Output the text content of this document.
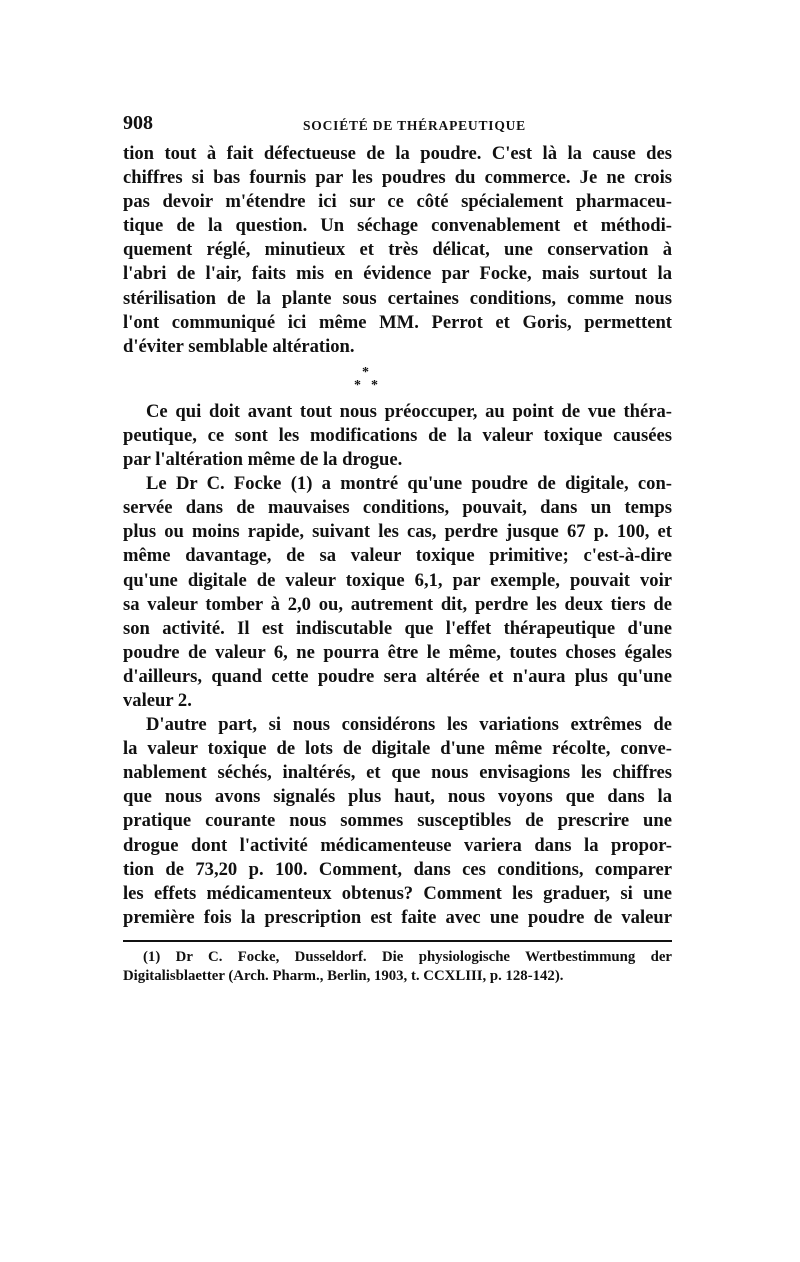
908	SOCIÉTÉ DE THÉRAPEUTIQUE
tion tout à fait défectueuse de la poudre. C'est là la cause des
chiffres si bas fournis par les poudres du commerce. Je ne crois
pas devoir m'étendre ici sur ce côté spécialement pharmaceu-
tique de la question. Un séchage convenablement et méthodi-
quement réglé, minutieux et très délicat, une conservation à
l'abri de l'air, faits mis en évidence par Focke, mais surtout la
stérilisation de la plante sous certaines conditions, comme nous
l'ont communiqué ici même MM. Perrot et Goris, permettent
d'éviter semblable altération.
*
* *
Ce qui doit avant tout nous préoccuper, au point de vue théra-
peutique, ce sont les modifications de la valeur toxique causées
par l'altération même de la drogue.
Le Dr C. Focke (1) a montré qu'une poudre de digitale, con-
servée dans de mauvaises conditions, pouvait, dans un temps
plus ou moins rapide, suivant les cas, perdre jusque 67 p. 100, et
même davantage, de sa valeur toxique primitive; c'est-à-dire
qu'une digitale de valeur toxique 6,1, par exemple, pouvait voir
sa valeur tomber à 2,0 ou, autrement dit, perdre les deux tiers de
son activité. Il est indiscutable que l'effet thérapeutique d'une
poudre de valeur 6, ne pourra être le même, toutes choses égales
d'ailleurs, quand cette poudre sera altérée et n'aura plus qu'une
valeur 2.
D'autre part, si nous considérons les variations extrêmes de
la valeur toxique de lots de digitale d'une même récolte, conve-
nablement séchés, inaltérés, et que nous envisagions les chiffres
que nous avons signalés plus haut, nous voyons que dans la
pratique courante nous sommes susceptibles de prescrire une
drogue dont l'activité médicamenteuse variera dans la propor-
tion de 73,20 p. 100. Comment, dans ces conditions, comparer
les effets médicamenteux obtenus? Comment les graduer, si une
première fois la prescription est faite avec une poudre de valeur
(1) Dr C. Focke, Dusseldorf. Die physiologische Wertbestimmung der
Digitalisblaetter (Arch. Pharm., Berlin, 1903, t. CCXLIII, p. 128-142).
